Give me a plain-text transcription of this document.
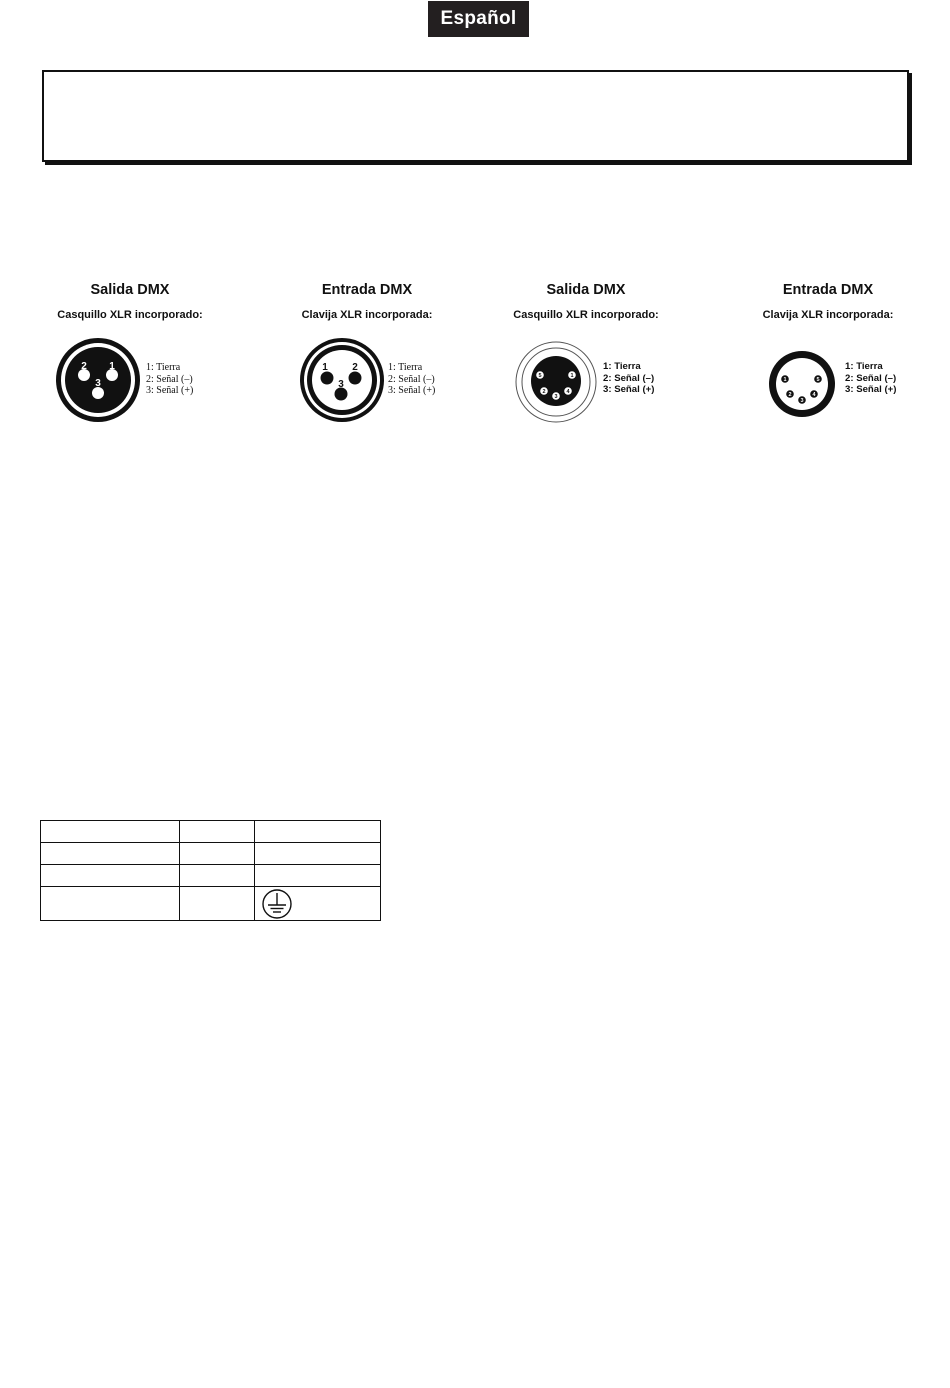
Español
Salida DMX
Casquillo XLR incorporado:
2 1
3
1: Tierra
2: Señal (–)
3: Señal (+)
Entrada DMX
Clavija XLR incorporada:
1 2
3
1: Tierra
2: Señal (–)
3: Señal (+)
Salida DMX
Casquillo XLR incorporado:
5	1
4
3
2
1: Tierra
2: Señal (–)
3: Señal (+)
Entrada DMX
Clavija XLR incorporada:
1	5
2	4
3
1: Tierra
2: Señal (–)
3: Señal (+)
